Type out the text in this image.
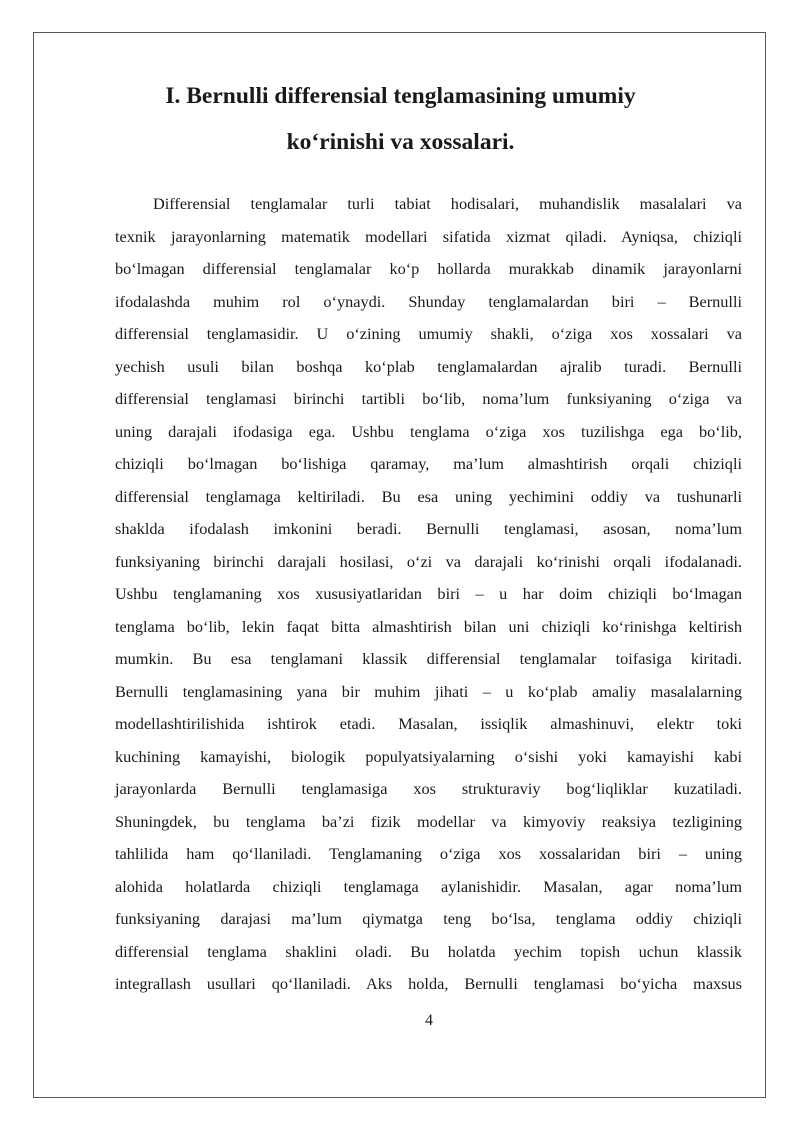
I. Bernulli differensial tenglamasining umumiy
ko‘rinishi va xossalari.
Differensial tenglamalar turli tabiat hodisalari, muhandislik masalalari va
texnik jarayonlarning matematik modellari sifatida xizmat qiladi. Ayniqsa, chiziqli
bo‘lmagan differensial tenglamalar ko‘p hollarda murakkab dinamik jarayonlarni
ifodalashda muhim rol o‘ynaydi. Shunday tenglamalardan biri – Bernulli
differensial tenglamasidir. U o‘zining umumiy shakli, o‘ziga xos xossalari va
yechish usuli bilan boshqa ko‘plab tenglamalardan ajralib turadi. Bernulli
differensial tenglamasi birinchi tartibli bo‘lib, noma’lum funksiyaning o‘ziga va
uning darajali ifodasiga ega. Ushbu tenglama o‘ziga xos tuzilishga ega bo‘lib,
chiziqli bo‘lmagan bo‘lishiga qaramay, ma’lum almashtirish orqali chiziqli
differensial tenglamaga keltiriladi. Bu esa uning yechimini oddiy va tushunarli
shaklda ifodalash imkonini beradi. Bernulli tenglamasi, asosan, noma’lum
funksiyaning birinchi darajali hosilasi, o‘zi va darajali ko‘rinishi orqali ifodalanadi.
Ushbu tenglamaning xos xususiyatlaridan biri – u har doim chiziqli bo‘lmagan
tenglama bo‘lib, lekin faqat bitta almashtirish bilan uni chiziqli ko‘rinishga keltirish
mumkin. Bu esa tenglamani klassik differensial tenglamalar toifasiga kiritadi.
Bernulli tenglamasining yana bir muhim jihati – u ko‘plab amaliy masalalarning
modellashtirilishida ishtirok etadi. Masalan, issiqlik almashinuvi, elektr toki
kuchining kamayishi, biologik populyatsiyalarning o‘sishi yoki kamayishi kabi
jarayonlarda Bernulli tenglamasiga xos strukturaviy bog‘liqliklar kuzatiladi.
Shuningdek, bu tenglama ba’zi fizik modellar va kimyoviy reaksiya tezligining
tahlilida ham qo‘llaniladi. Tenglamaning o‘ziga xos xossalaridan biri – uning
alohida holatlarda chiziqli tenglamaga aylanishidir. Masalan, agar noma’lum
funksiyaning darajasi ma’lum qiymatga teng bo‘lsa, tenglama oddiy chiziqli
differensial tenglama shaklini oladi. Bu holatda yechim topish uchun klassik
integrallash usullari qo‘llaniladi. Aks holda, Bernulli tenglamasi bo‘yicha maxsus

4
